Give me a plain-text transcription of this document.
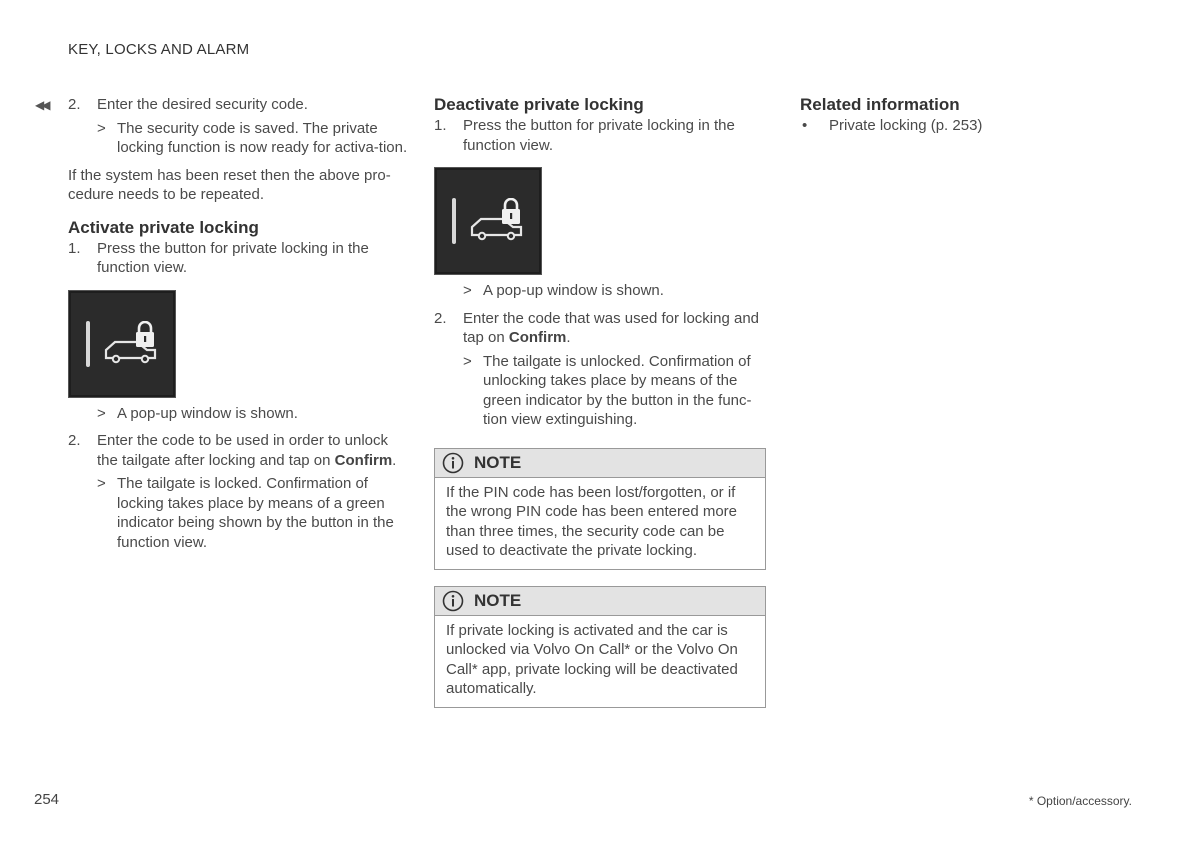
KEY, LOCKS AND ALARM
◀◀ 2. Enter the desired security code.
> The security code is saved. The private locking function is now ready for activa-tion.

If the system has been reset then the above pro-cedure needs to be repeated.

Activate private locking
1. Press the button for private locking in the function view.
> A pop-up window is shown.
2. Enter the code to be used in order to unlock the tailgate after locking and tap on Confirm.
> The tailgate is locked. Confirmation of locking takes place by means of a green indicator being shown by the button in the function view.
Deactivate private locking
1. Press the button for private locking in the function view.
> A pop-up window is shown.
2. Enter the code that was used for locking and tap on Confirm.
> The tailgate is unlocked. Confirmation of unlocking takes place by means of the green indicator by the button in the func-tion view extinguishing.
NOTE
If the PIN code has been lost/forgotten, or if the wrong PIN code has been entered more than three times, the security code can be used to deactivate the private locking.
NOTE
If private locking is activated and the car is unlocked via Volvo On Call* or the Volvo On Call* app, private locking will be deactivated automatically.
Related information
• Private locking (p. 253)
254	* Option/accessory.
